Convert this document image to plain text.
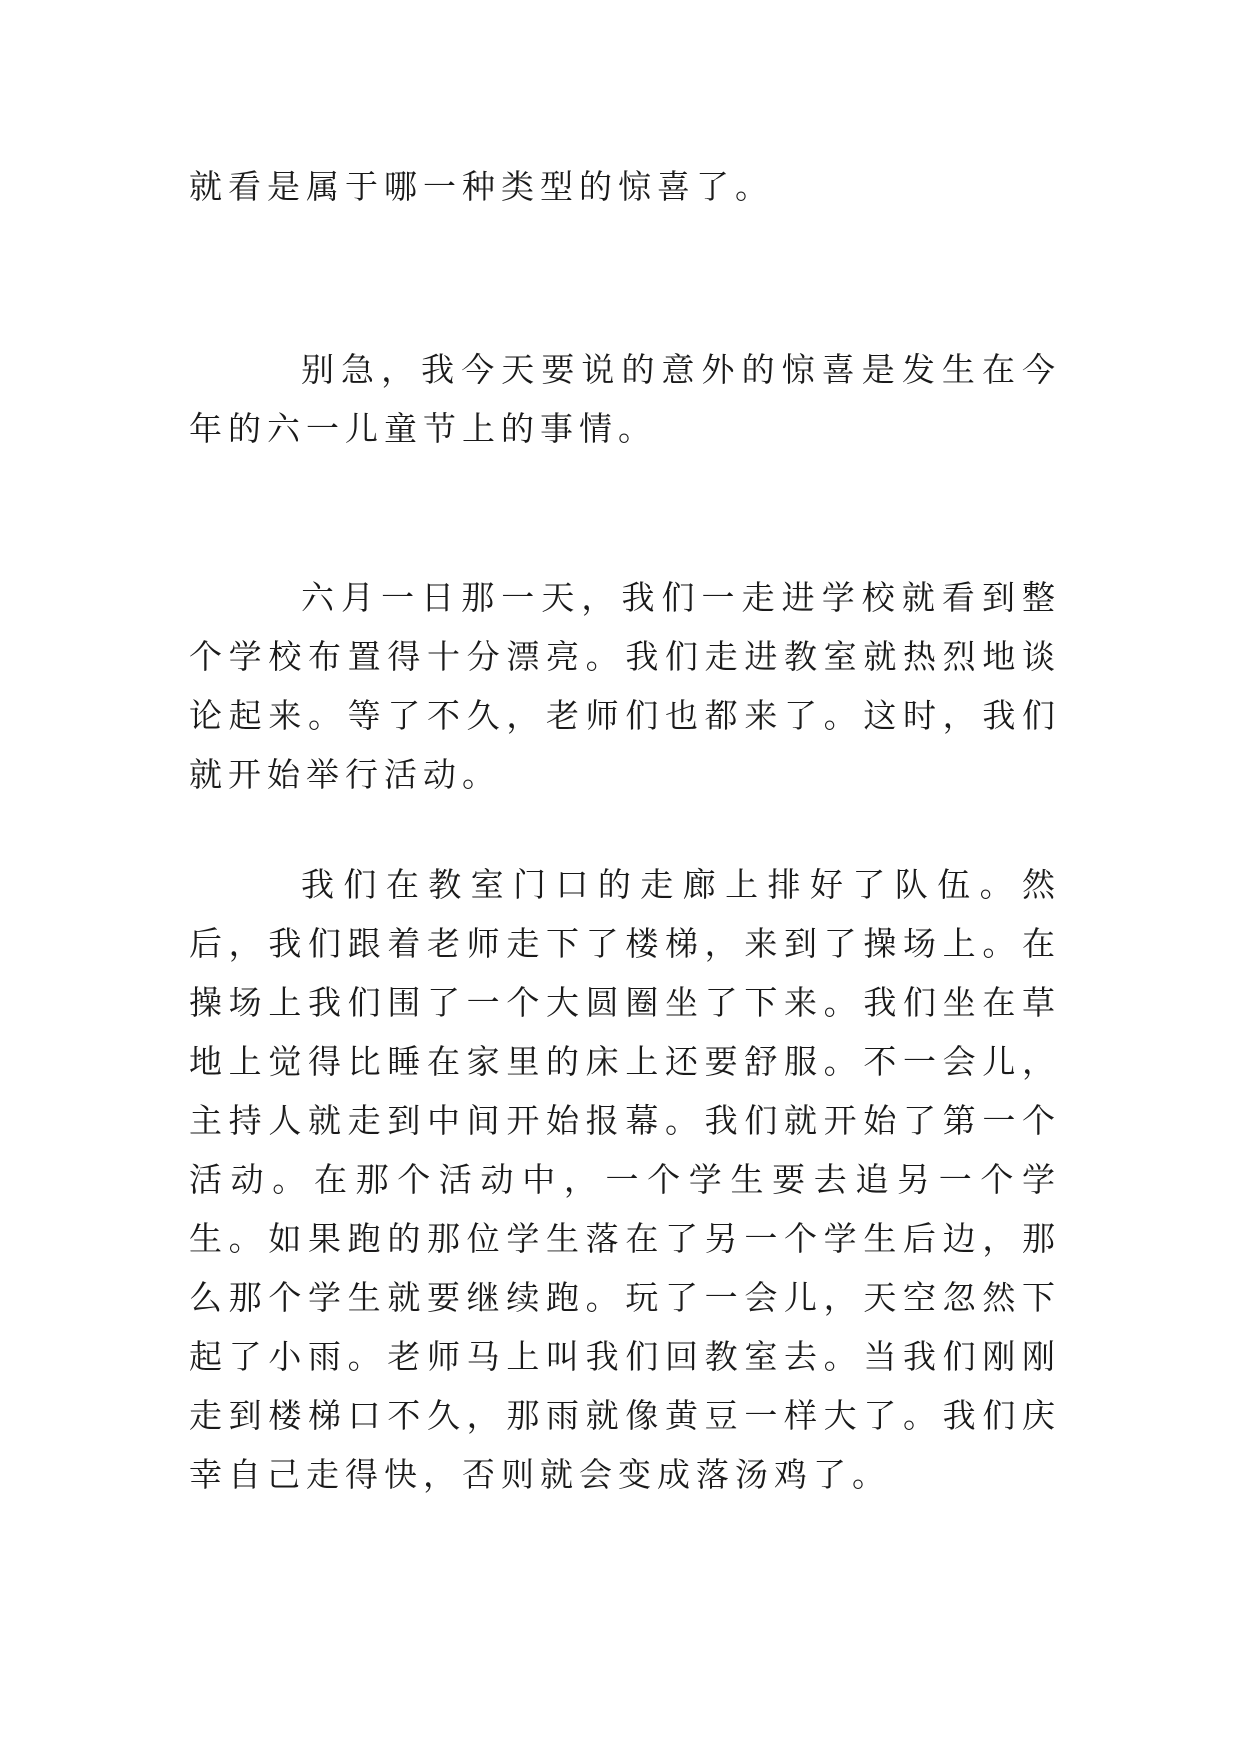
就看是属于哪一种类型的惊喜了。

别急，我今天要说的意外的惊喜是发生在今年的六一儿童节上的事情。

六月一日那一天，我们一走进学校就看到整个学校布置得十分漂亮。我们走进教室就热烈地谈论起来。等了不久，老师们也都来了。这时，我们就开始举行活动。

我们在教室门口的走廊上排好了队伍。然后，我们跟着老师走下了楼梯，来到了操场上。在操场上我们围了一个大圆圈坐了下来。我们坐在草地上觉得比睡在家里的床上还要舒服。不一会儿，主持人就走到中间开始报幕。我们就开始了第一个活动。在那个活动中，一个学生要去追另一个学生。如果跑的那位学生落在了另一个学生后边，那么那个学生就要继续跑。玩了一会儿，天空忽然下起了小雨。老师马上叫我们回教室去。当我们刚刚走到楼梯口不久，那雨就像黄豆一样大了。我们庆幸自己走得快，否则就会变成落汤鸡了。
